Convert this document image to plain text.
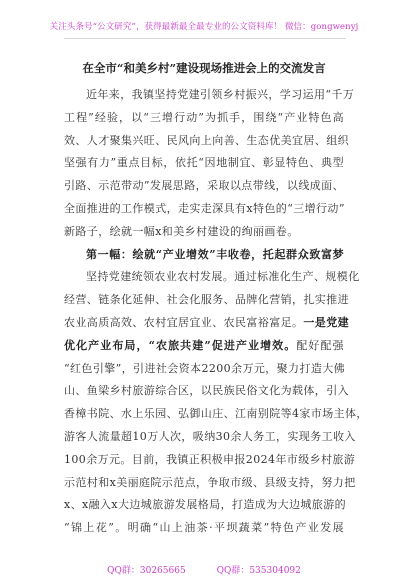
关注头条号“公文研究”，获得最新最全最专业的公文资料库！ 微信：gongwenyj
在全市“和美乡村”建设现场推进会上的交流发言

近年来，我镇坚持党建引领乡村振兴，学习运用“千万

工程”经验，以“三增行动”为抓手，围绕“产业特色高

效、人才聚集兴旺、民风向上向善、生态优美宜居、组织

坚强有力”重点目标，依托“因地制宜、彰显特色、典型

引路、示范带动”发展思路，采取以点带线，以线成面、

全面推进的工作模式，走实走深具有x特色的“三增行动”

新路子，绘就一幅x和美乡村建设的绚丽画卷。

第一幅：绘就“产业增效”丰收卷，托起群众致富梦

坚持党建统领农业农村发展。通过标准化生产、规模化

经营、链条化延伸、社会化服务、品牌化营销，扎实推进

农业高质高效、农村宜居宜业、农民富裕富足。一是党建

优化产业布局，“农旅共建”促进产业增效。配好配强

“红色引擎”，引进社会资本2200余万元，聚力打造大佛

山、鱼梁乡村旅游综合区，以民族民俗文化为载体，引入

香樟书院、水上乐园、弘御山庄、江南别院等4家市场主体，

游客人流量超10万人次，吸纳30余人务工，实现务工收入

100余万元。目前，我镇正积极申报2024年市级乡村旅游

示范村和x美丽庭院示范点，争取市级、县级支持，努力把

x、x融入x大边城旅游发展格局，打造成为大边城旅游的

“锦上花”。明确“山上油茶·平坝蔬菜”特色产业发展

QQ群：30265665	QQ群：535304092
